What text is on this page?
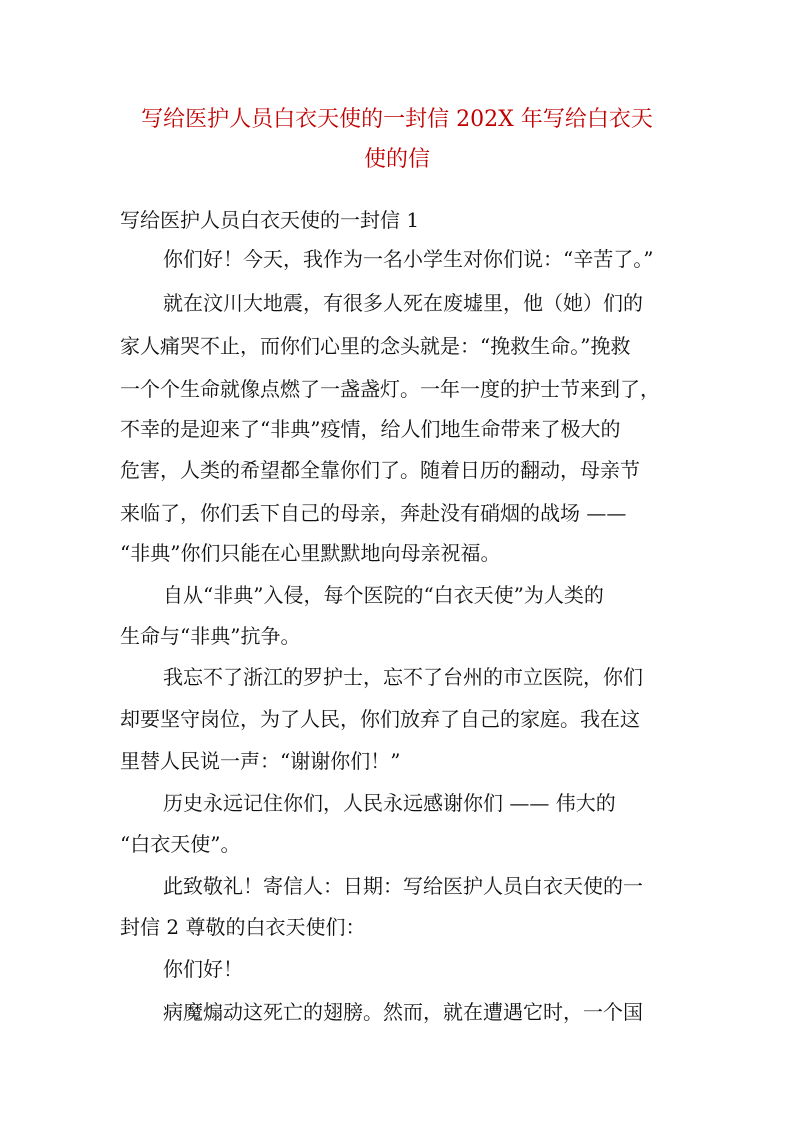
写给医护人员白衣天使的一封信 202X 年写给白衣天
使的信

写给医护人员白衣天使的一封信 1

你们好！今天，我作为一名小学生对你们说：“辛苦了。”

就在汶川大地震，有很多人死在废墟里，他（她）们的

家人痛哭不止，而你们心里的念头就是：“挽救生命。”挽救

一个个生命就像点燃了一盏盏灯。一年一度的护士节来到了，

不幸的是迎来了“非典”疫情，给人们地生命带来了极大的

危害，人类的希望都全靠你们了。随着日历的翻动，母亲节

来临了，你们丢下自己的母亲，奔赴没有硝烟的战场 ——

“非典”你们只能在心里默默地向母亲祝福。

自从“非典”入侵，每个医院的“白衣天使”为人类的

生命与“非典”抗争。

我忘不了浙江的罗护士，忘不了台州的市立医院，你们

却要坚守岗位，为了人民，你们放弃了自己的家庭。我在这

里替人民说一声：“谢谢你们！”

历史永远记住你们，人民永远感谢你们 —— 伟大的

“白衣天使”。

此致敬礼！寄信人：日期：写给医护人员白衣天使的一

封信 2 尊敬的白衣天使们：

你们好！

病魔煽动这死亡的翅膀。然而，就在遭遇它时，一个国
